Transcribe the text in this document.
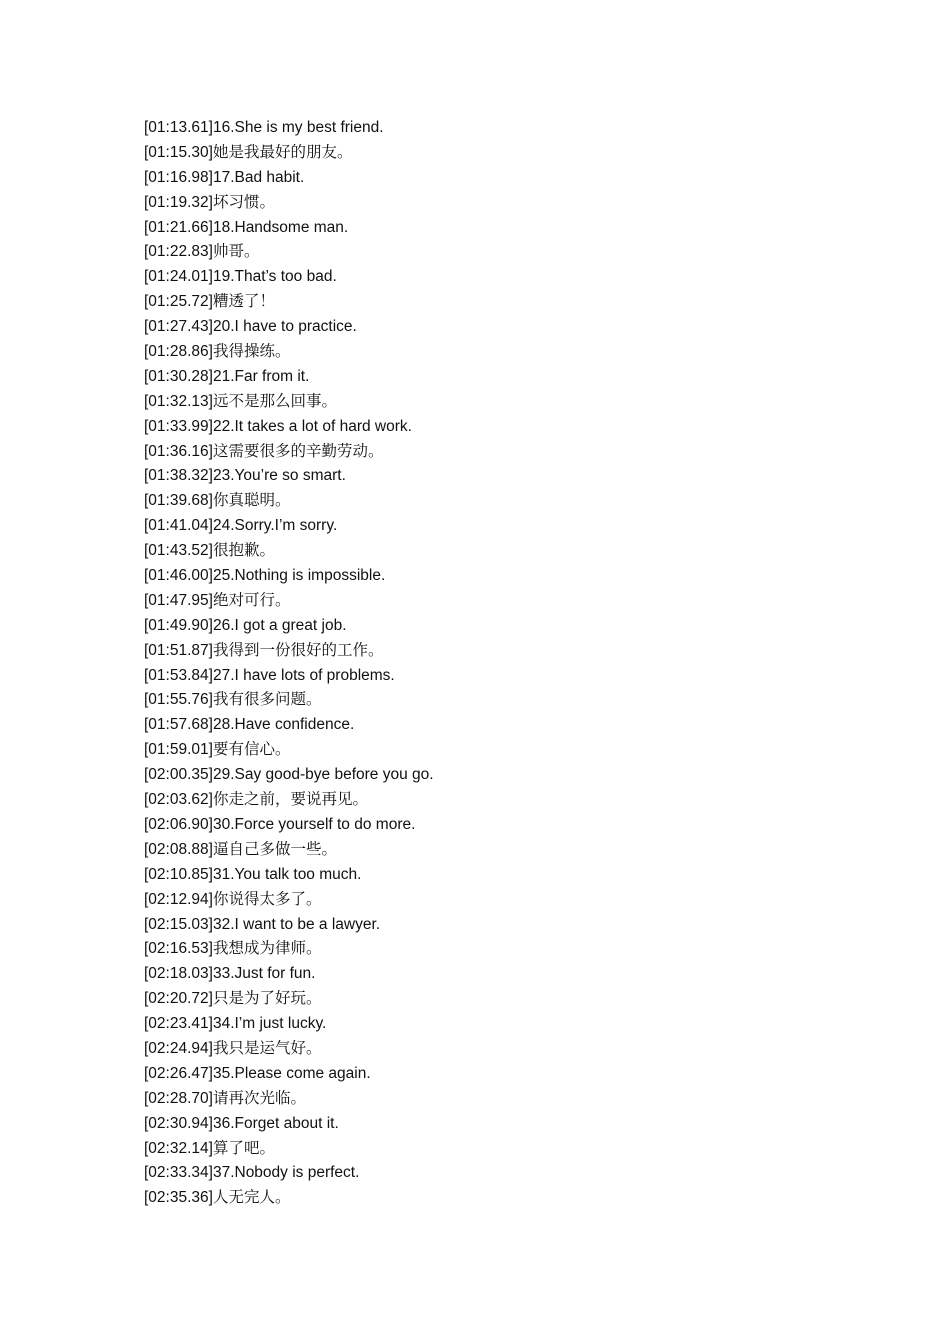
[01:13.61]16.She is my best friend.
[01:15.30]她是我最好的朋友。
[01:16.98]17.Bad habit.
[01:19.32]坏习惯。
[01:21.66]18.Handsome man.
[01:22.83]帅哥。
[01:24.01]19.That’s too bad.
[01:25.72]糟透了！
[01:27.43]20.I have to practice.
[01:28.86]我得操练。
[01:30.28]21.Far from it.
[01:32.13]远不是那么回事。
[01:33.99]22.It takes a lot of hard work.
[01:36.16]这需要很多的辛勤劳动。
[01:38.32]23.You’re so smart.
[01:39.68]你真聪明。
[01:41.04]24.Sorry.I’m sorry.
[01:43.52]很抱歉。
[01:46.00]25.Nothing is impossible.
[01:47.95]绝对可行。
[01:49.90]26.I got a great job.
[01:51.87]我得到一份很好的工作。
[01:53.84]27.I have lots of problems.
[01:55.76]我有很多问题。
[01:57.68]28.Have confidence.
[01:59.01]要有信心。
[02:00.35]29.Say good-bye before you go.
[02:03.62]你走之前，要说再见。
[02:06.90]30.Force yourself to do more.
[02:08.88]逼自己多做一些。
[02:10.85]31.You talk too much.
[02:12.94]你说得太多了。
[02:15.03]32.I want to be a lawyer.
[02:16.53]我想成为律师。
[02:18.03]33.Just for fun.
[02:20.72]只是为了好玩。
[02:23.41]34.I’m just lucky.
[02:24.94]我只是运气好。
[02:26.47]35.Please come again.
[02:28.70]请再次光临。
[02:30.94]36.Forget about it.
[02:32.14]算了吧。
[02:33.34]37.Nobody is perfect.
[02:35.36]人无完人。
